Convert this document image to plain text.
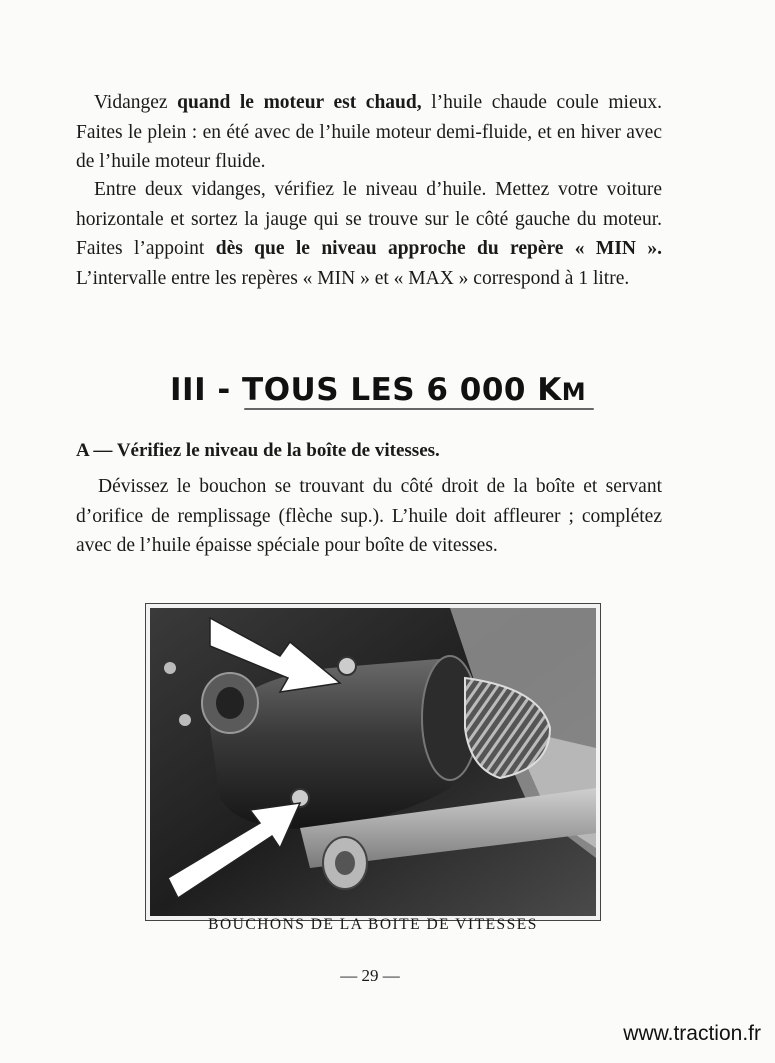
Vidangez quand le moteur est chaud, l’huile chaude coule mieux. Faites le plein : en été avec de l’huile moteur demi-fluide, et en hiver avec de l’huile moteur fluide.

Entre deux vidanges, vérifiez le niveau d’huile. Mettez votre voiture horizontale et sortez la jauge qui se trouve sur le côté gauche du moteur. Faites l’appoint dès que le niveau approche du repère « MIN ». L’intervalle entre les repères « MIN » et « MAX » correspond à 1 litre.

III - TOUS LES 6 000 KM
A — Vérifiez le niveau de la boîte de vitesses.

Dévissez le bouchon se trouvant du côté droit de la boîte et servant d’orifice de remplissage (flèche sup.). L’huile doit affleurer ; complétez avec de l’huile épaisse spéciale pour boîte de vitesses.

BOUCHONS DE LA BOITE DE VITESSES
— 29 —
www.traction.fr
